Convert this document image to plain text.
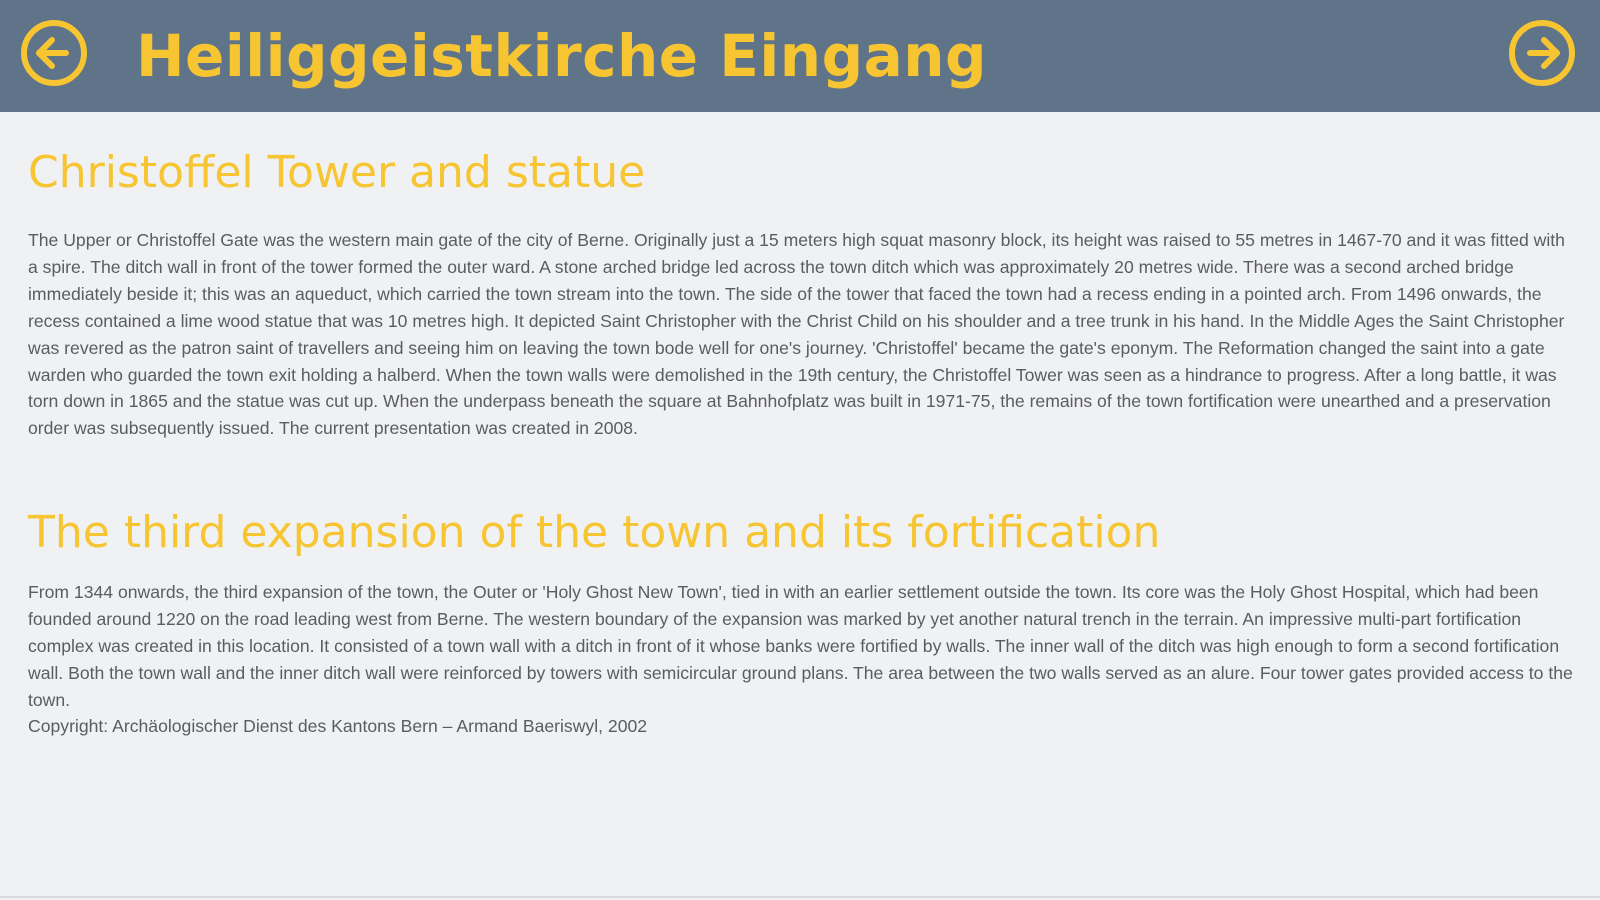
Heiliggeistkirche Eingang
Christoffel Tower and statue

The Upper or Christoffel Gate was the western main gate of the city of Berne. Originally just a 15 meters high squat masonry block, its height was raised to 55 metres in 1467-70 and it was fitted with a spire. The ditch wall in front of the tower formed the outer ward. A stone arched bridge led across the town ditch which was approximately 20 metres wide. There was a second arched bridge immediately beside it; this was an aqueduct, which carried the town stream into the town. The side of the tower that faced the town had a recess ending in a pointed arch. From 1496 onwards, the recess contained a lime wood statue that was 10 metres high. It depicted Saint Christopher with the Christ Child on his shoulder and a tree trunk in his hand. In the Middle Ages the Saint Christopher was revered as the patron saint of travellers and seeing him on leaving the town bode well for one's journey. 'Christoffel' became the gate's eponym. The Reformation changed the saint into a gate warden who guarded the town exit holding a halberd. When the town walls were demolished in the 19th century, the Christoffel Tower was seen as a hindrance to progress. After a long battle, it was torn down in 1865 and the statue was cut up. When the underpass beneath the square at Bahnhofplatz was built in 1971-75, the remains of the town fortification were unearthed and a preservation order was subsequently issued. The current presentation was created in 2008.

The third expansion of the town and its fortification

From 1344 onwards, the third expansion of the town, the Outer or 'Holy Ghost New Town', tied in with an earlier settlement outside the town. Its core was the Holy Ghost Hospital, which had been founded around 1220 on the road leading west from Berne. The western boundary of the expansion was marked by yet another natural trench in the terrain. An impressive multi-part fortification complex was created in this location. It consisted of a town wall with a ditch in front of it whose banks were fortified by walls. The inner wall of the ditch was high enough to form a second fortification wall. Both the town wall and the inner ditch wall were reinforced by towers with semicircular ground plans. The area between the two walls served as an alure. Four tower gates provided access to the town.

Copyright: Archäologischer Dienst des Kantons Bern – Armand Baeriswyl, 2002
